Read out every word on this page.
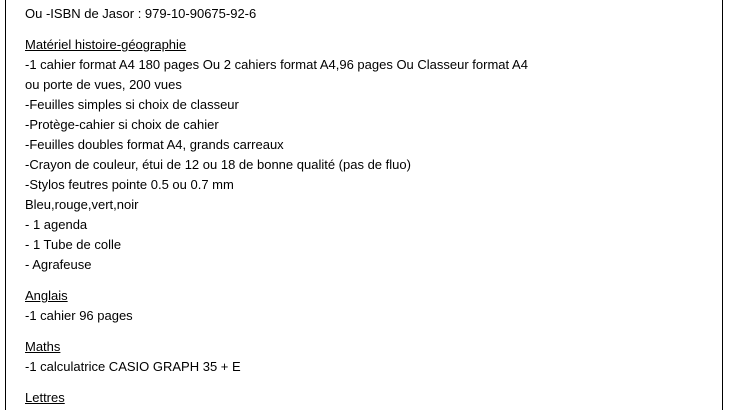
Ou -ISBN de Jasor : 979-10-90675-92-6
Matériel histoire-géographie
-1 cahier format A4 180 pages Ou 2 cahiers format A4,96 pages Ou Classeur format A4
ou porte de vues, 200 vues
-Feuilles simples si choix de classeur
-Protège-cahier si choix de cahier
-Feuilles doubles format A4, grands carreaux
-Crayon de couleur, étui de 12 ou 18 de bonne qualité (pas de fluo)
-Stylos feutres pointe 0.5 ou 0.7 mm
Bleu,rouge,vert,noir
- 1 agenda
- 1 Tube de colle
- Agrafeuse
Anglais
-1 cahier 96 pages
Maths
-1 calculatrice CASIO GRAPH 35 + E
Lettres
